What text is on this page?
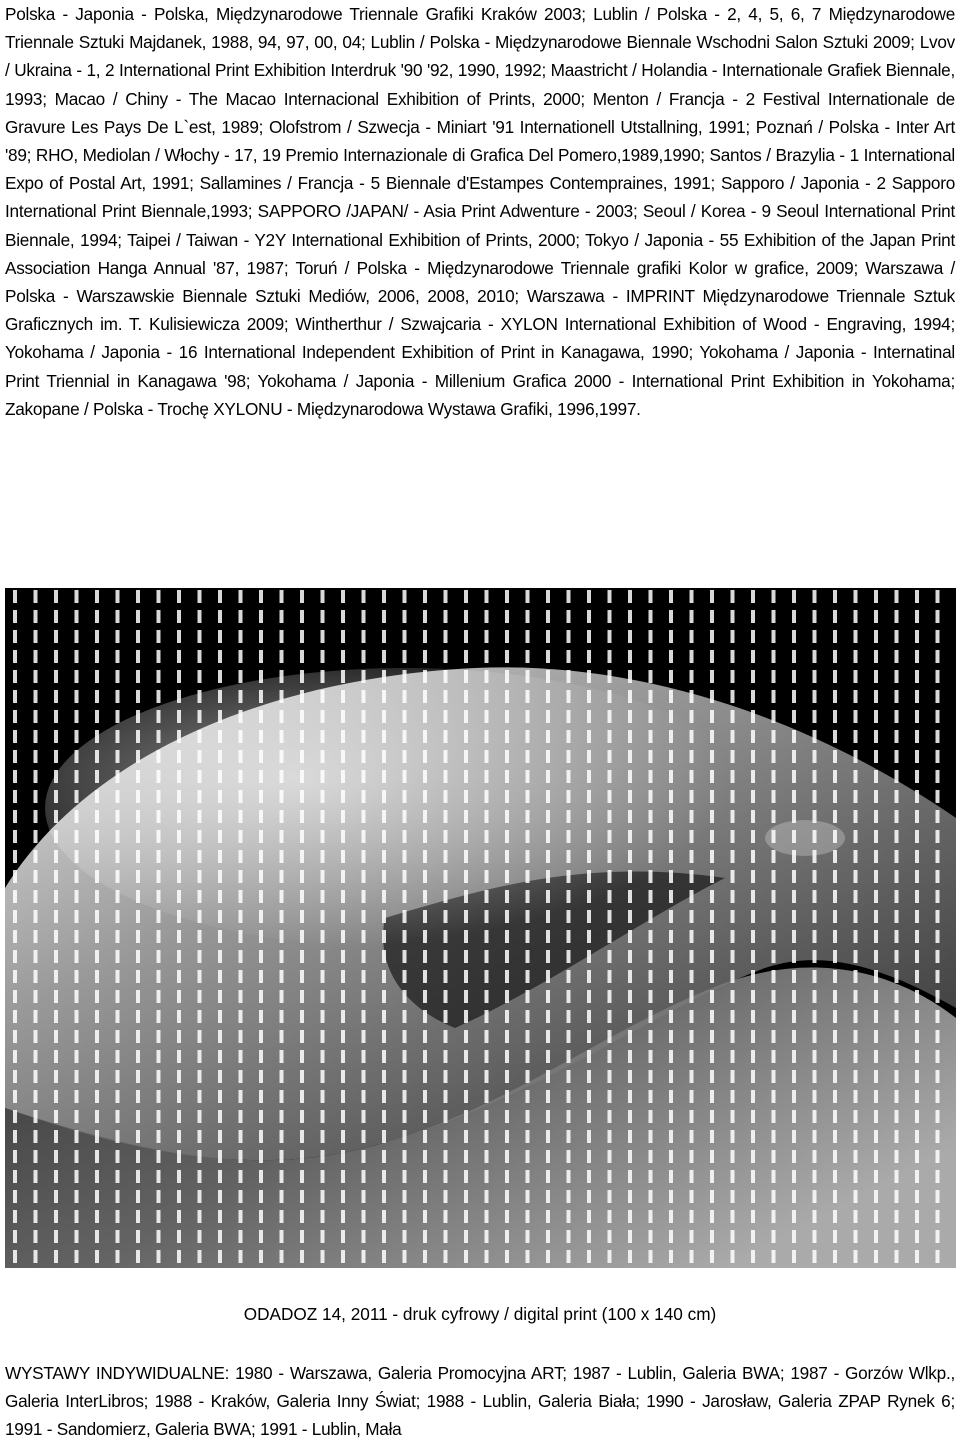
Polska - Japonia - Polska, Międzynarodowe Triennale Grafiki Kraków 2003; Lublin / Polska - 2, 4, 5, 6, 7 Międzynarodowe Triennale Sztuki Majdanek, 1988, 94, 97, 00, 04; Lublin / Polska - Międzynarodowe Biennale Wschodni Salon Sztuki 2009; Lvov / Ukraina - 1, 2 International Print Exhibition Interdruk '90 '92, 1990, 1992; Maastricht / Holandia - Internationale Grafiek Biennale, 1993; Macao / Chiny - The Macao Internacional Exhibition of Prints, 2000; Menton / Francja - 2 Festival Internationale de Gravure Les Pays De L`est, 1989; Olofstrom / Szwecja - Miniart '91 Internationell Utstallning, 1991; Poznań / Polska - Inter Art '89; RHO, Mediolan / Włochy - 17, 19 Premio Internazionale di Grafica Del Pomero,1989,1990; Santos / Brazylia - 1 International Expo of Postal Art, 1991; Sallamines / Francja - 5 Biennale d'Estampes Contempraines, 1991; Sapporo / Japonia - 2 Sapporo International Print Biennale,1993; SAPPORO /JAPAN/ - Asia Print Adwenture - 2003; Seoul / Korea - 9 Seoul International Print Biennale, 1994; Taipei / Taiwan - Y2Y International Exhibition of Prints, 2000; Tokyo / Japonia - 55 Exhibition of the Japan Print Association Hanga Annual '87, 1987; Toruń / Polska - Międzynarodowe Triennale grafiki Kolor w grafice, 2009; Warszawa / Polska - Warszawskie Biennale Sztuki Mediów, 2006, 2008, 2010; Warszawa - IMPRINT Międzynarodowe Triennale Sztuk Graficznych im. T. Kulisiewicza 2009; Wintherthur / Szwajcaria - XYLON International Exhibition of Wood - Engraving, 1994; Yokohama / Japonia - 16 International Independent Exhibition of Print in Kanagawa, 1990; Yokohama / Japonia - Internatinal Print Triennial in Kanagawa '98; Yokohama / Japonia - Millenium Grafica 2000 - International Print Exhibition in Yokohama; Zakopane / Polska - Trochę XYLONU - Międzynarodowa Wystawa Grafiki, 1996,1997.
ODADOZ 14, 2011 - druk cyfrowy / digital print (100 x 140 cm)
WYSTAWY INDYWIDUALNE: 1980 - Warszawa, Galeria Promocyjna ART; 1987 - Lublin, Galeria BWA; 1987 - Gorzów Wlkp., Galeria InterLibros; 1988 - Kraków, Galeria Inny Świat; 1988 - Lublin, Galeria Biała; 1990 - Jarosław, Galeria ZPAP Rynek 6; 1991 - Sandomierz, Galeria BWA; 1991 - Lublin, Mała
